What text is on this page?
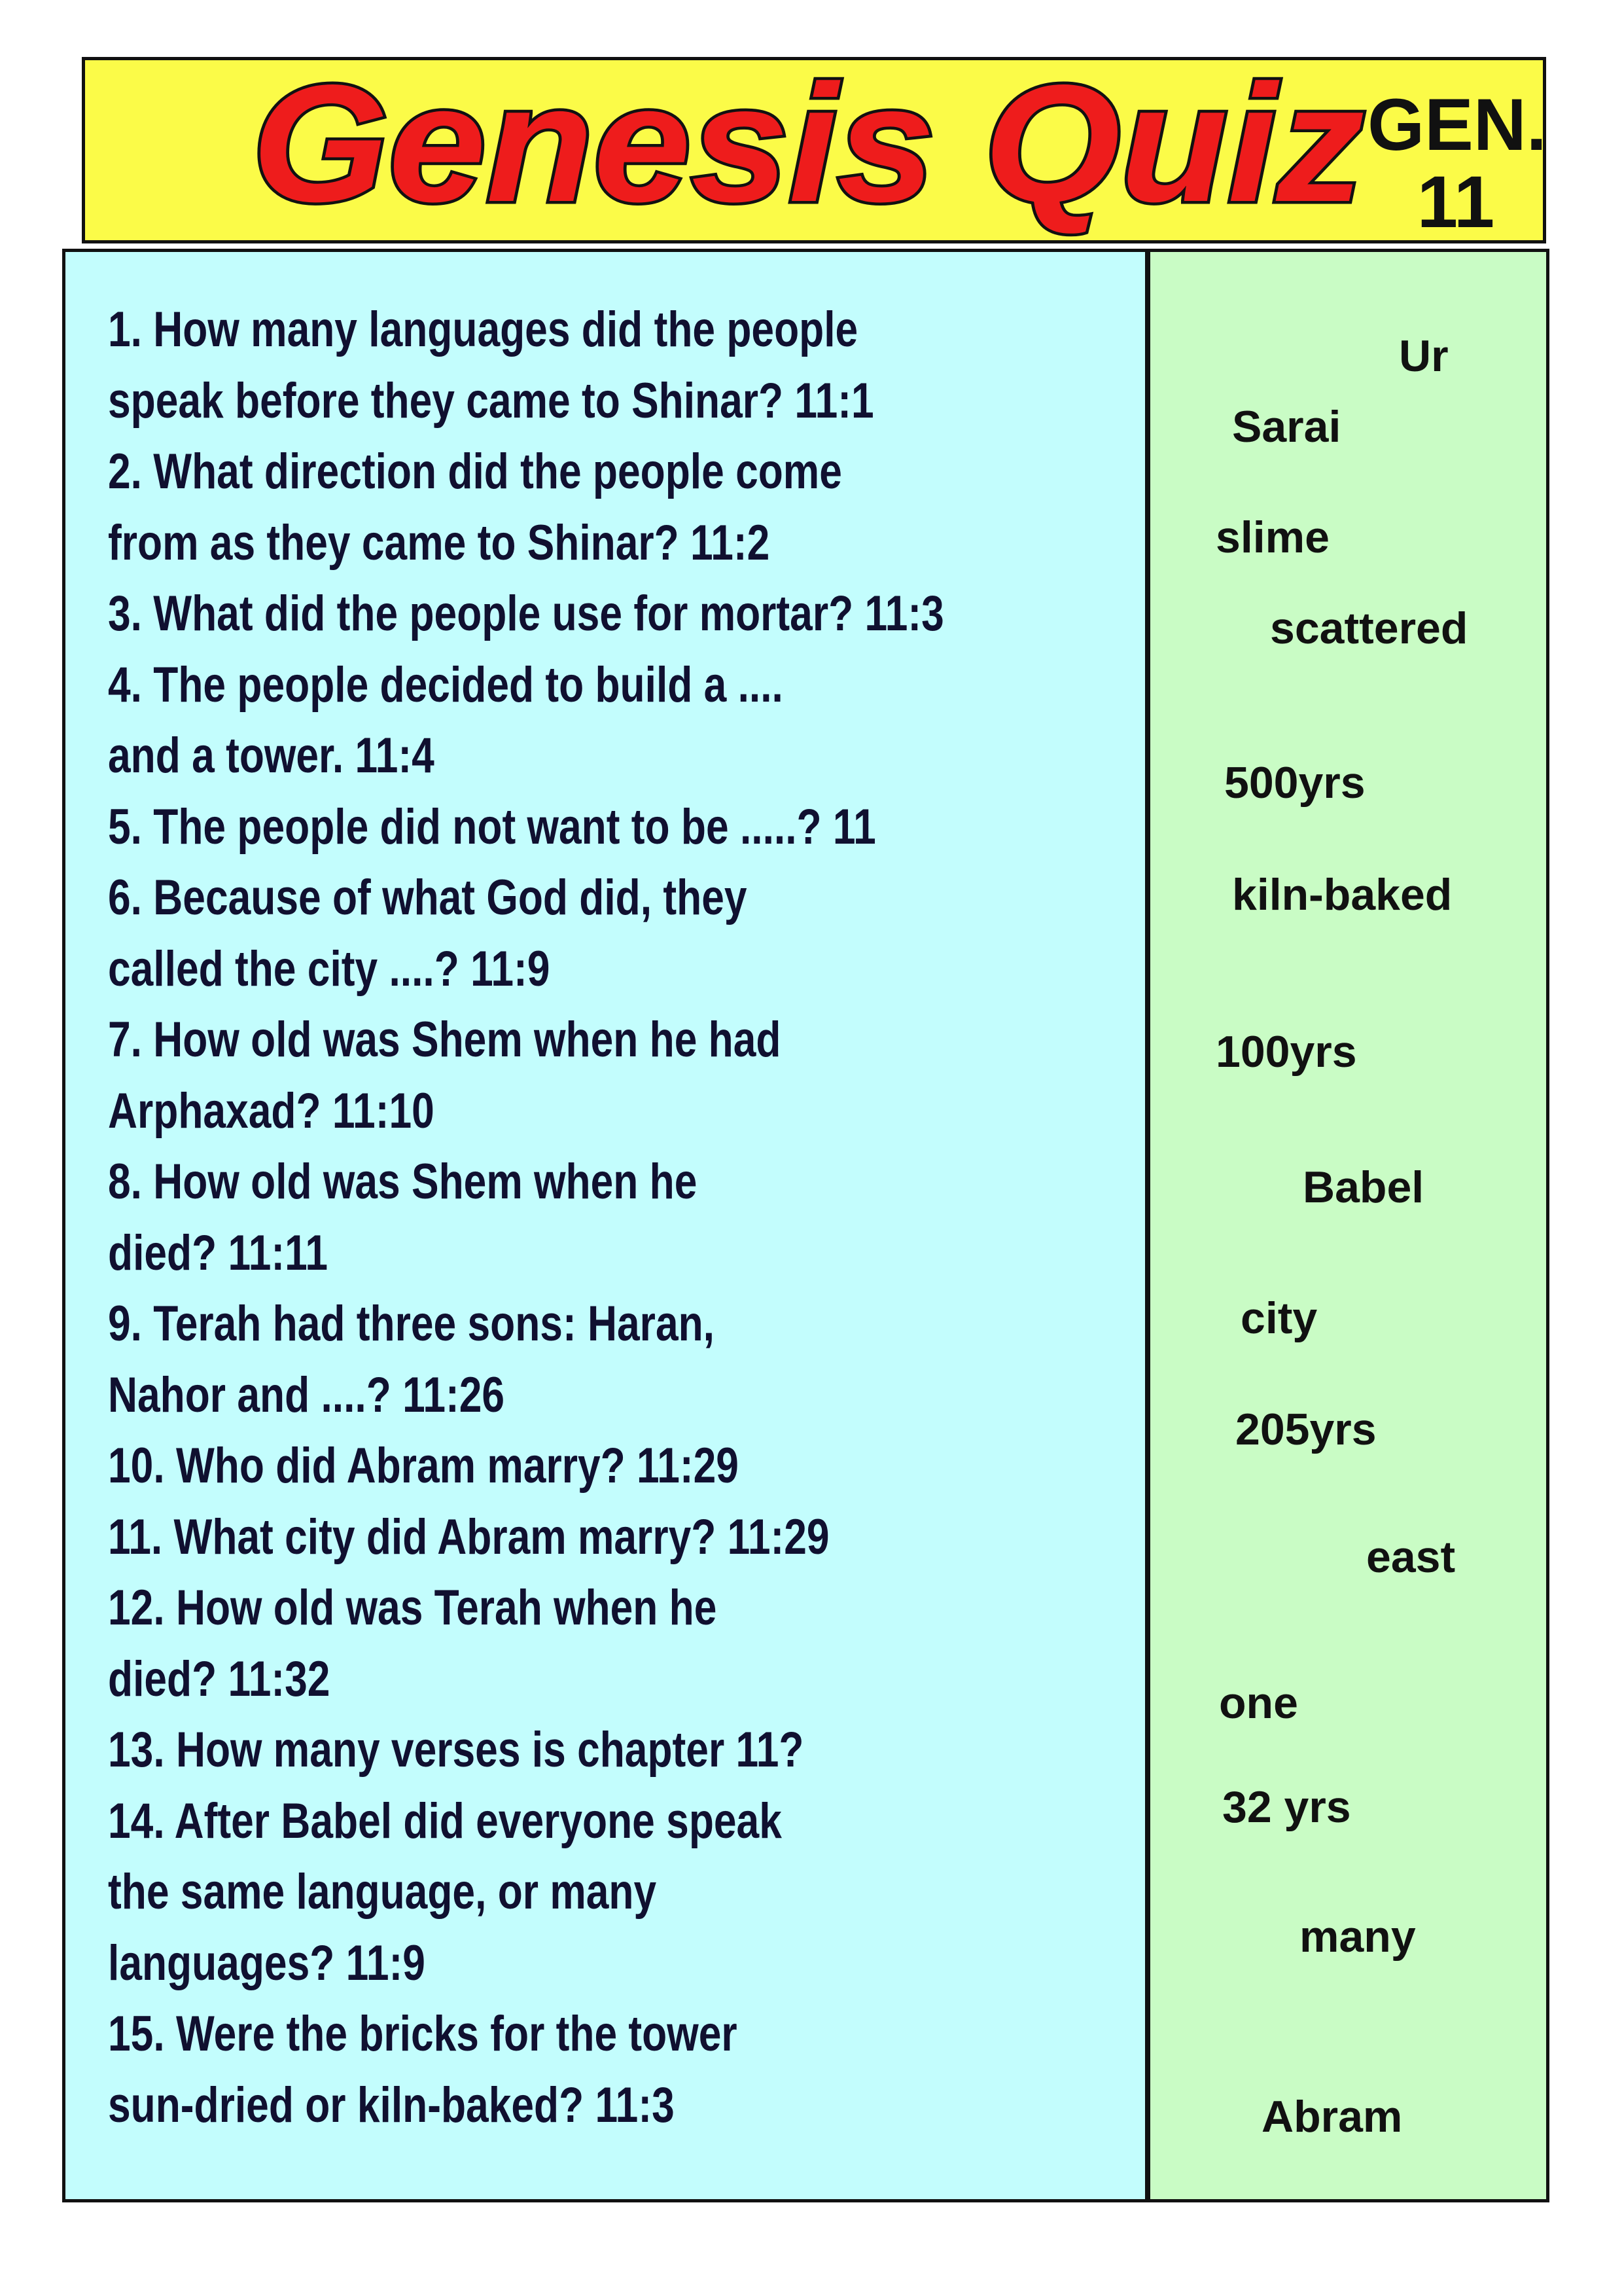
Genesis Quiz GEN.
11
1. How many languages did the people
speak before they came to Shinar? 11:1
2. What direction did the people come
from as they came to Shinar? 11:2
3. What did the people use for mortar? 11:3
4. The people decided to build a ....
and a tower. 11:4
5. The people did not want to be .....? 11
6. Because of what God did, they
called the city ....? 11:9
7. How old was Shem when he had
Arphaxad? 11:10
8. How old was Shem when he
died? 11:11
9. Terah had three sons: Haran,
Nahor and ....? 11:26
10. Who did Abram marry? 11:29
11. What city did Abram marry? 11:29
12. How old was Terah when he
died? 11:32
13. How many verses is chapter 11?
14. After Babel did everyone speak
the same language, or many
languages? 11:9
15. Were the bricks for the tower
sun-dried or kiln-baked? 11:3
Ur
Sarai
slime
scattered
500yrs
kiln-baked
100yrs
Babel
city
205yrs
east
one
32 yrs
many
Abram
